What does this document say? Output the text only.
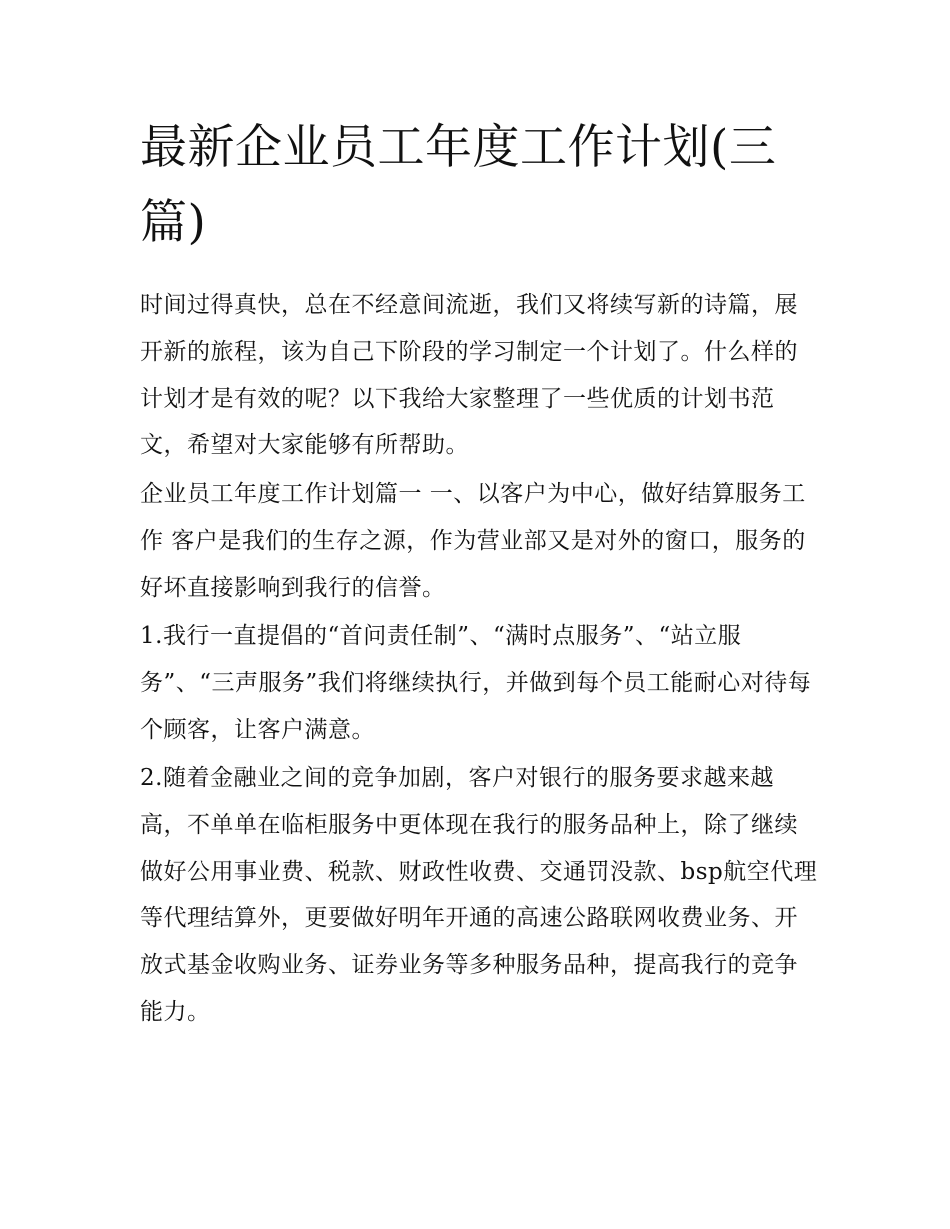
最新企业员工年度工作计划(三篇)

时间过得真快，总在不经意间流逝，我们又将续写新的诗篇，展开新的旅程，该为自己下阶段的学习制定一个计划了。什么样的计划才是有效的呢？以下我给大家整理了一些优质的计划书范文，希望对大家能够有所帮助。

企业员工年度工作计划篇一 一、以客户为中心，做好结算服务工作 客户是我们的生存之源，作为营业部又是对外的窗口，服务的好坏直接影响到我行的信誉。

1.我行一直提倡的“首问责任制”、“满时点服务”、“站立服务”、“三声服务”我们将继续执行，并做到每个员工能耐心对待每个顾客，让客户满意。

2.随着金融业之间的竞争加剧，客户对银行的服务要求越来越高，不单单在临柜服务中更体现在我行的服务品种上，除了继续做好公用事业费、税款、财政性收费、交通罚没款、bsp航空代理等代理结算外，更要做好明年开通的高速公路联网收费业务、开放式基金收购业务、证券业务等多种服务品种，提高我行的竞争能力。
